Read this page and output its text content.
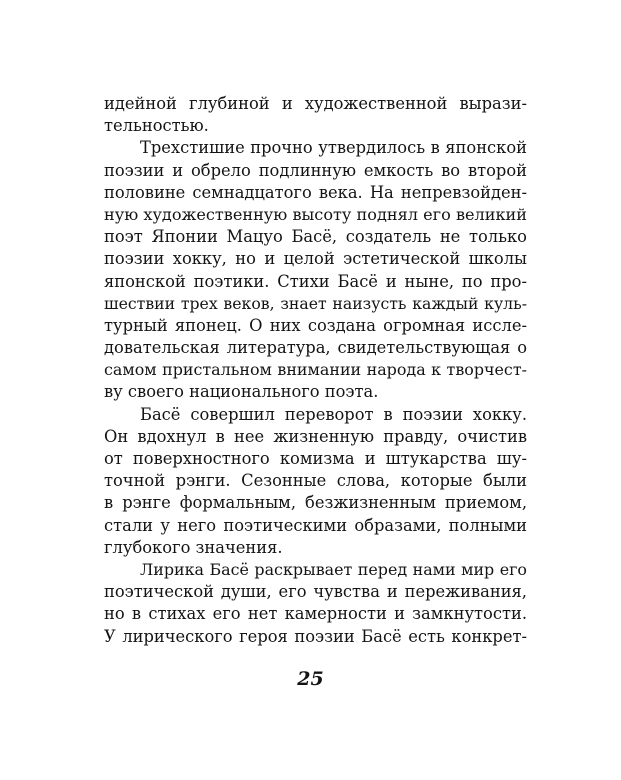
идейной глубиной и художественной вырази-
тельностью.
Трехстишие прочно утвердилось в японской
поэзии и обрело подлинную емкость во второй
половине семнадцатого века. На непревзойден-
ную художественную высоту поднял его великий
поэт Японии Мацуо Басё, создатель не только
поэзии хокку, но и целой эстетической школы
японской поэтики. Стихи Басё и ныне, по про-
шествии трех веков, знает наизусть каждый куль-
турный японец. О них создана огромная иссле-
довательская литература, свидетельствующая о
самом пристальном внимании народа к творчест-
ву своего национального поэта.
Басё совершил переворот в поэзии хокку.
Он вдохнул в нее жизненную правду, очистив
от поверхностного комизма и штукарства шу-
точной рэнги. Сезонные слова, которые были
в рэнге формальным, безжизненным приемом,
стали у него поэтическими образами, полными
глубокого значения.
Лирика Басё раскрывает перед нами мир его
поэтической души, его чувства и переживания,
но в стихах его нет камерности и замкнутости.
У лирического героя поэзии Басё есть конкрет-
25
